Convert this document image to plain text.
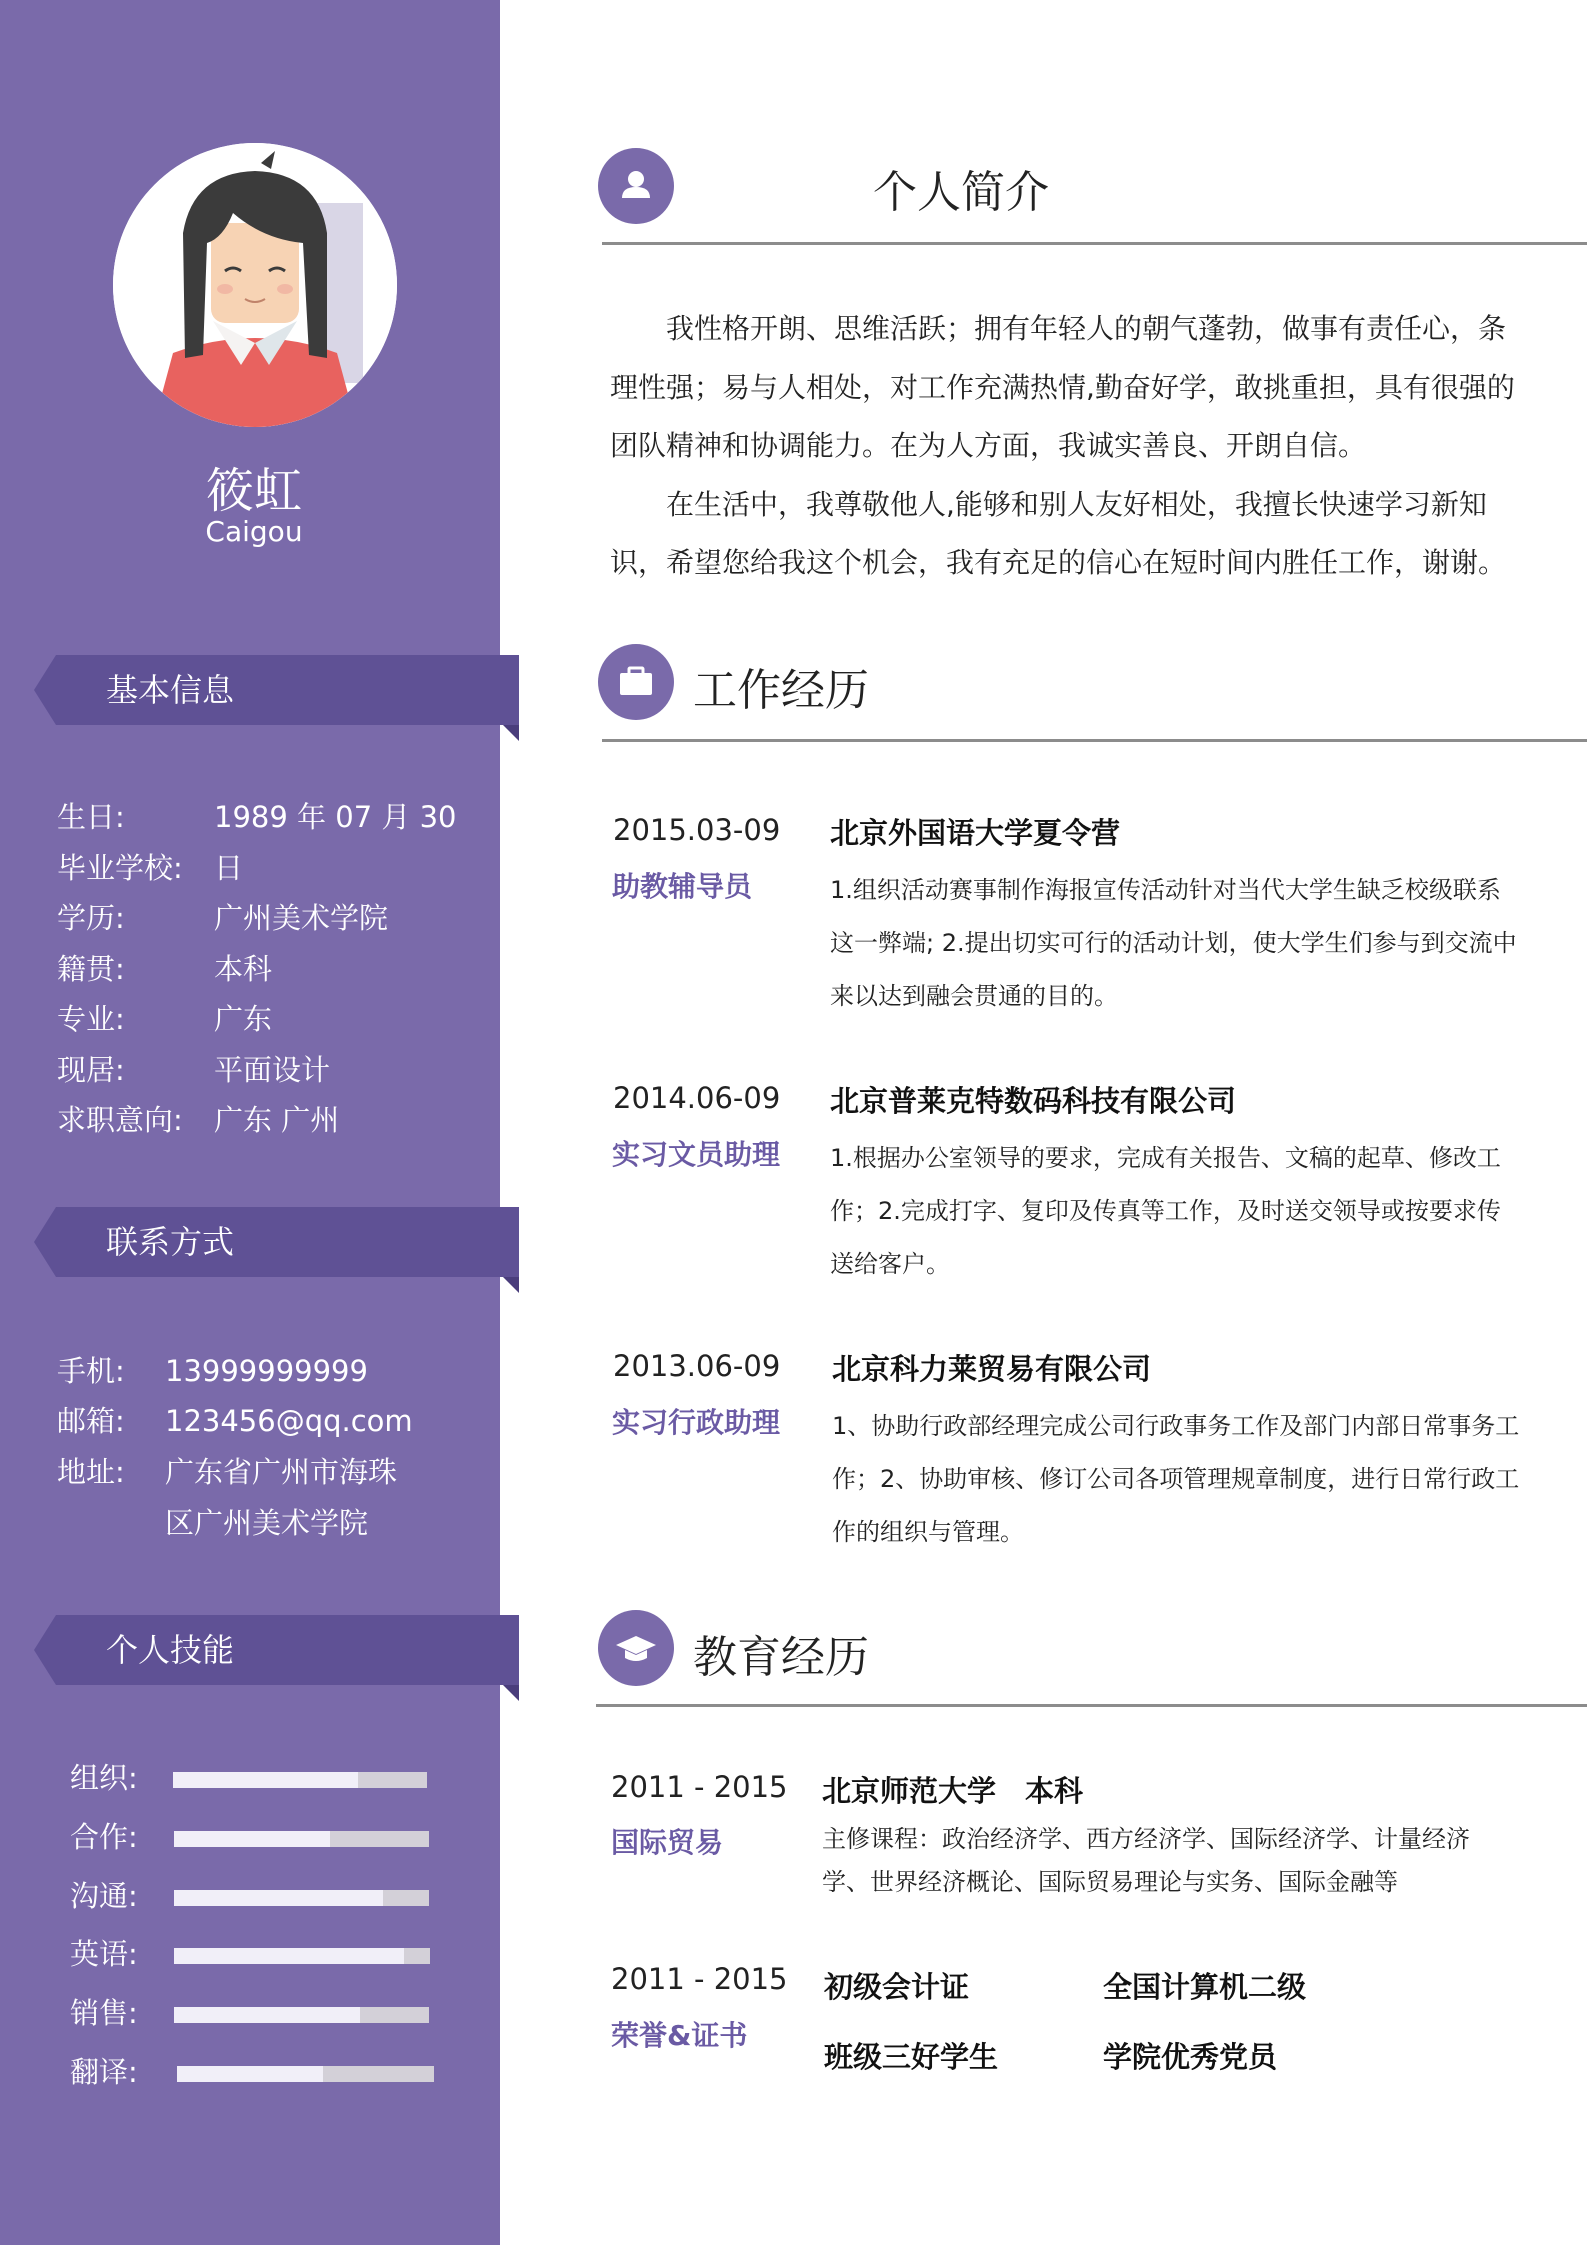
筱虹
Caigou
基本信息
生日:	1989 年 07 月 30
毕业学校: 日
学历:	广州美术学院
籍贯:	本科
专业:	广东
现居:	平面设计
求职意向: 广东 广州
联系方式
手机: 13999999999
邮箱: 123456@qq.com
地址: 广东省广州市海珠
区广州美术学院
个人技能
组织:
合作:
沟通:
英语:
销售:
翻译:
个人简介

我性格开朗、思维活跃；拥有年轻人的朝气蓬勃，做事有责任心，条理性强；易与人相处，对工作充满热情,勤奋好学，敢挑重担，具有很强的团队精神和协调能力。在为人方面，我诚实善良、开朗自信。

在生活中，我尊敬他人,能够和别人友好相处，我擅长快速学习新知识，希望您给我这个机会，我有充足的信心在短时间内胜任工作，谢谢。

工作经历
2015.03-09
助教辅导员
北京外国语大学夏令营
1.组织活动赛事制作海报宣传活动针对当代大学生缺乏校级联系这一弊端; 2.提出切实可行的活动计划，使大学生们参与到交流中来以达到融会贯通的目的。
2014.06-09
实习文员助理
北京普莱克特数码科技有限公司
1.根据办公室领导的要求，完成有关报告、文稿的起草、修改工作；2.完成打字、复印及传真等工作，及时送交领导或按要求传送给客户。
2013.06-09
实习行政助理
北京科力莱贸易有限公司
1、协助行政部经理完成公司行政事务工作及部门内部日常事务工作；2、协助审核、修订公司各项管理规章制度，进行日常行政工作的组织与管理。
教育经历
2011 - 2015
国际贸易
北京师范大学　本科
主修课程：政治经济学、西方经济学、国际经济学、计量经济学、世界经济概论、国际贸易理论与实务、国际金融等
2011 - 2015
荣誉&证书
初级会计证	全国计算机二级
班级三好学生	学院优秀党员
